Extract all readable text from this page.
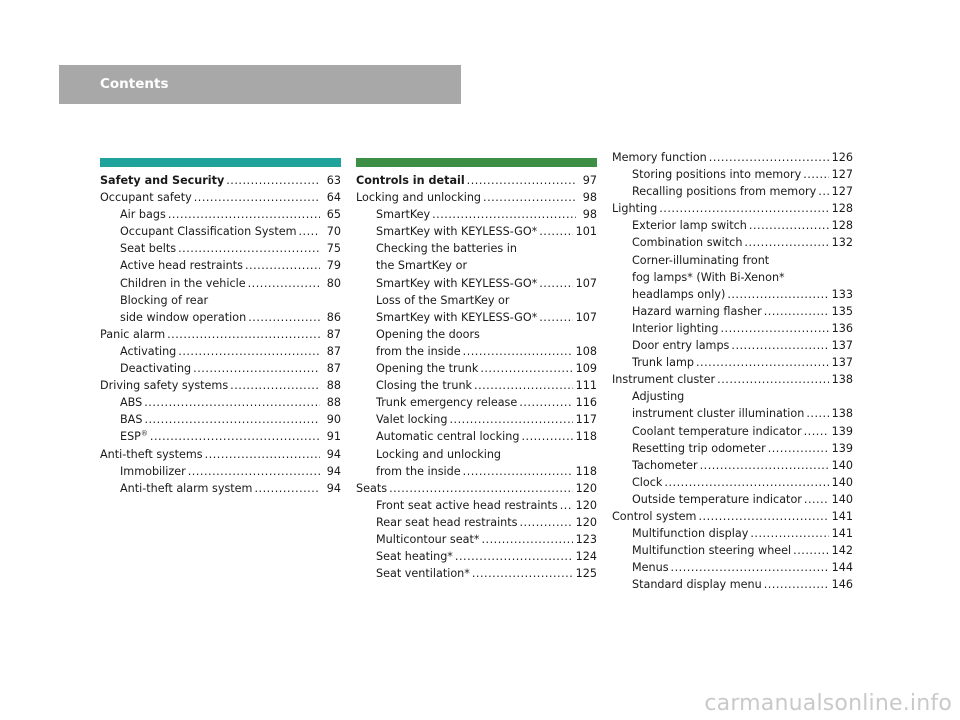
Contents
Safety and Security .....	63
Occupant safety .....	64
Air bags .....	65
Occupant Classification System .....	70
Seat belts .....	75
Active head restraints .....	79
Children in the vehicle .....	80
Blocking of rear
side window operation .....	86
Panic alarm .....	87
Activating .....	87
Deactivating .....	87
Driving safety systems .....	88
ABS .....	88
BAS .....	90
ESP® .....	91
Anti-theft systems .....	94
Immobilizer .....	94
Anti-theft alarm system .....	94
Controls in detail .....	97
Locking and unlocking .....	98
SmartKey .....	98
SmartKey with KEYLESS-GO* .....	101
Checking the batteries in
the SmartKey or
SmartKey with KEYLESS-GO* .....	107
Loss of the SmartKey or
SmartKey with KEYLESS-GO* .....	107
Opening the doors
from the inside .....	108
Opening the trunk .....	109
Closing the trunk .....	111
Trunk emergency release .....	116
Valet locking .....	117
Automatic central locking .....	118
Locking and unlocking
from the inside .....	118
Seats .....	120
Front seat active head restraints ..... 120
Rear seat head restraints .....	120
Multicontour seat* .....	123
Seat heating* .....	124
Seat ventilation* .....	125
Memory function .....	126
Storing positions into memory .....	127
Recalling positions from memory ..... 127
Lighting .....	128
Exterior lamp switch .....	128
Combination switch .....	132
Corner-illuminating front
fog lamps* (With Bi-Xenon*
headlamps only) .....	133
Hazard warning flasher .....	135
Interior lighting .....	136
Door entry lamps .....	137
Trunk lamp .....	137
Instrument cluster .....	138
Adjusting
instrument cluster illumination ..... 138
Coolant temperature indicator .....	139
Resetting trip odometer .....	139
Tachometer .....	140
Clock .....	140
Outside temperature indicator .....	140
Control system .....	141
Multifunction display .....	141
Multifunction steering wheel .....	142
Menus .....	144
Standard display menu .....	146
carmanualsonline.info
